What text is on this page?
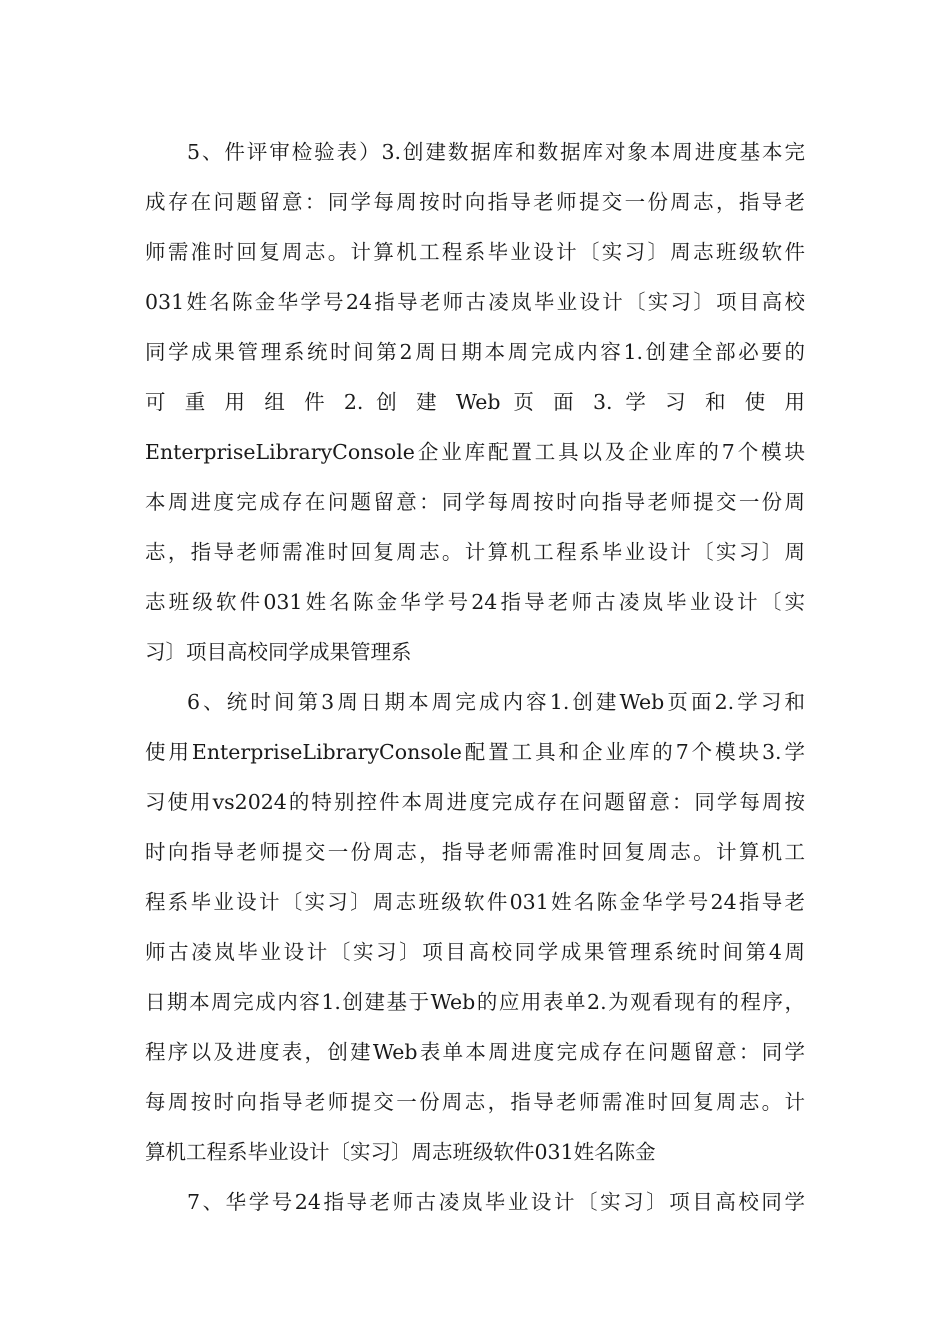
5、件评审检验表）3.创建数据库和数据库对象本周进度基本完
成存在问题留意：同学每周按时向指导老师提交一份周志，指导老
师需准时回复周志。计算机工程系毕业设计〔实习〕周志班级软件
031姓名陈金华学号24指导老师古凌岚毕业设计〔实习〕项目高校
同学成果管理系统时间第2周日期本周完成内容1.创建全部必要的
可 重 用 组 件 2. 创 建 Web 页 面 3. 学 习 和 使 用
EnterpriseLibraryConsole企业库配置工具以及企业库的7个模块
本周进度完成存在问题留意：同学每周按时向指导老师提交一份周
志，指导老师需准时回复周志。计算机工程系毕业设计〔实习〕周
志班级软件031姓名陈金华学号24指导老师古凌岚毕业设计〔实
习〕项目高校同学成果管理系
6、统时间第3周日期本周完成内容1.创建Web页面2.学习和
使用EnterpriseLibraryConsole配置工具和企业库的7个模块3.学
习使用vs2024的特别控件本周进度完成存在问题留意：同学每周按
时向指导老师提交一份周志，指导老师需准时回复周志。计算机工
程系毕业设计〔实习〕周志班级软件031姓名陈金华学号24指导老
师古凌岚毕业设计〔实习〕项目高校同学成果管理系统时间第4周
日期本周完成内容1.创建基于Web的应用表单2.为观看现有的程序，
程序以及进度表，创建Web表单本周进度完成存在问题留意：同学
每周按时向指导老师提交一份周志，指导老师需准时回复周志。计
算机工程系毕业设计〔实习〕周志班级软件031姓名陈金
7、华学号24指导老师古凌岚毕业设计〔实习〕项目高校同学
